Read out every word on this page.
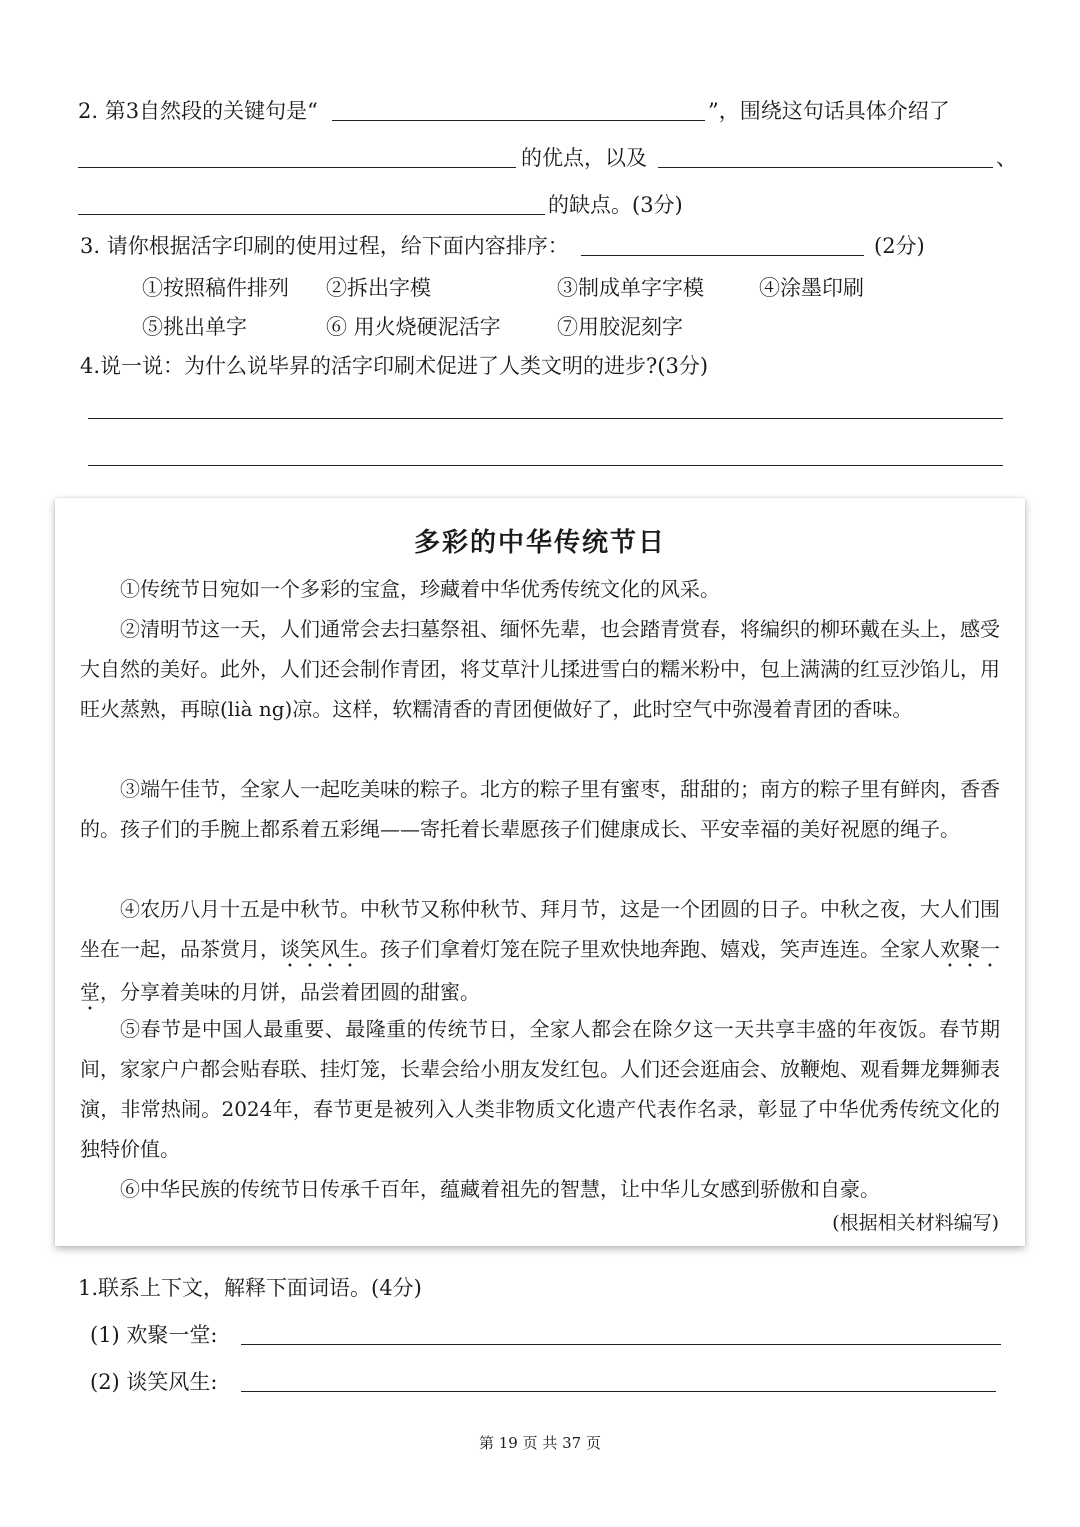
2. 第3自然段的关键句是“	”，围绕这句话具体介绍了
的优点，以及	、
的缺点。(3分)
3. 请你根据活字印刷的使用过程，给下面内容排序：	(2分)
①按照稿件排列 ②拆出字模	③制成单字字模	④涂墨印刷
⑤挑出单字	⑥ 用火烧硬泥活字	⑦用胶泥刻字
4.说一说：为什么说毕昇的活字印刷术促进了人类文明的进步?(3分)
多彩的中华传统节日
①传统节日宛如一个多彩的宝盒，珍藏着中华优秀传统文化的风采。
②清明节这一天，人们通常会去扫墓祭祖、缅怀先辈，也会踏青赏春，将编织的柳环戴在头上，感受大自然的美好。此外，人们还会制作青团，将艾草汁儿揉进雪白的糯米粉中，包上满满的红豆沙馅儿，用旺火蒸熟，再晾(lià ng)凉。这样，软糯清香的青团便做好了，此时空气中弥漫着青团的香味。
③端午佳节，全家人一起吃美味的粽子。北方的粽子里有蜜枣，甜甜的；南方的粽子里有鲜肉，香香的。孩子们的手腕上都系着五彩绳——寄托着长辈愿孩子们健康成长、平安幸福的美好祝愿的绳子。
④农历八月十五是中秋节。中秋节又称仲秋节、拜月节，这是一个团圆的日子。中秋之夜，大人们围坐在一起，品茶赏月，谈笑风生。孩子们拿着灯笼在院子里欢快地奔跑、嬉戏，笑声连连。全家人欢聚一堂，分享着美味的月饼，品尝着团圆的甜蜜。
⑤春节是中国人最重要、最隆重的传统节日，全家人都会在除夕这一天共享丰盛的年夜饭。春节期间，家家户户都会贴春联、挂灯笼，长辈会给小朋友发红包。人们还会逛庙会、放鞭炮、观看舞龙舞狮表演，非常热闹。2024年，春节更是被列入人类非物质文化遗产代表作名录，彰显了中华优秀传统文化的独特价值。
⑥中华民族的传统节日传承千百年，蕴藏着祖先的智慧，让中华儿女感到骄傲和自豪。
(根据相关材料编写)
1.联系上下文，解释下面词语。(4分)
(1) 欢聚一堂:
(2) 谈笑风生:
第 19 页 共 37 页
